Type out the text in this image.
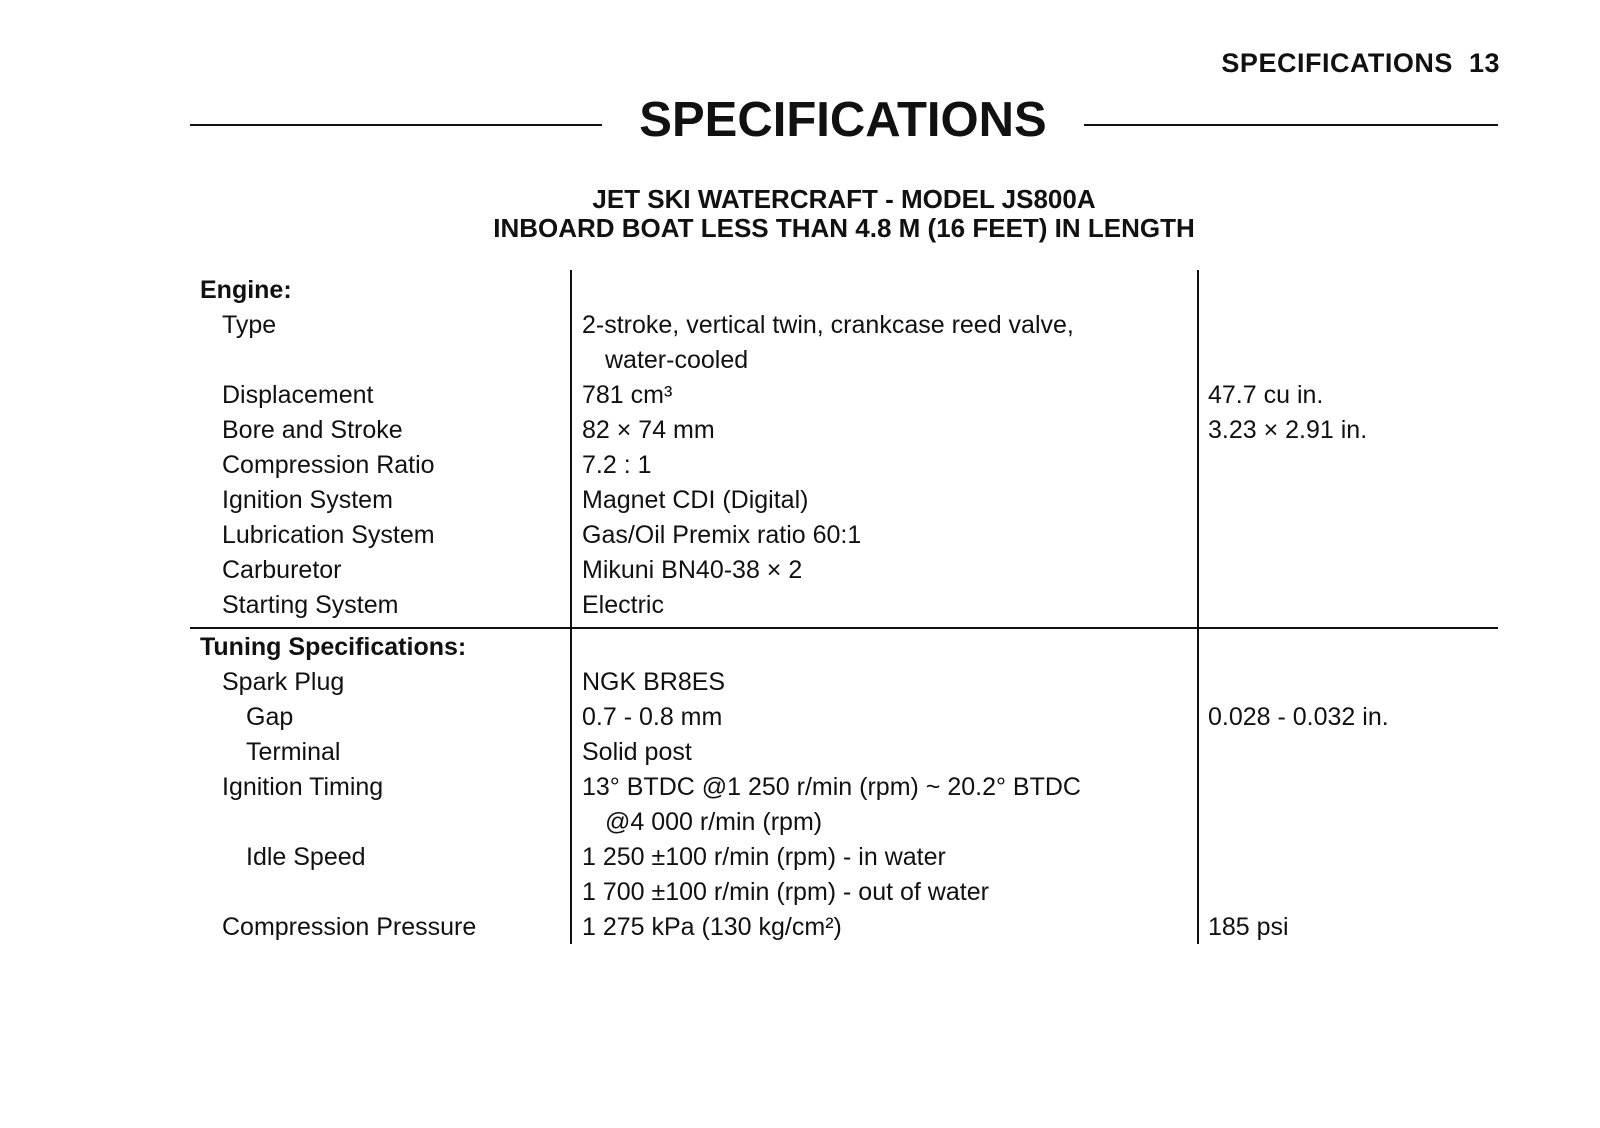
SPECIFICATIONS 13
SPECIFICATIONS
JET SKI WATERCRAFT - MODEL JS800A
INBOARD BOAT LESS THAN 4.8 M (16 FEET) IN LENGTH
Engine:		
Type	2-stroke, vertical twin, crankcase reed valve,	
	water-cooled	
Displacement	781 cm³	47.7 cu in.
Bore and Stroke	82 × 74 mm	3.23 × 2.91 in.
Compression Ratio	7.2 : 1	
Ignition System	Magnet CDI (Digital)	
Lubrication System	Gas/Oil Premix ratio 60:1	
Carburetor	Mikuni BN40-38 × 2	
Starting System	Electric	

Tuning Specifications:		
Spark Plug	NGK BR8ES	
Gap	0.7 - 0.8 mm	0.028 - 0.032 in.
Terminal	Solid post	
Ignition Timing	13° BTDC @1 250 r/min (rpm) ~ 20.2° BTDC	
	@4 000 r/min (rpm)	
Idle Speed	1 250 ±100 r/min (rpm) - in water	
	1 700 ±100 r/min (rpm) - out of water	
Compression Pressure	1 275 kPa (130 kg/cm²)	185 psi
